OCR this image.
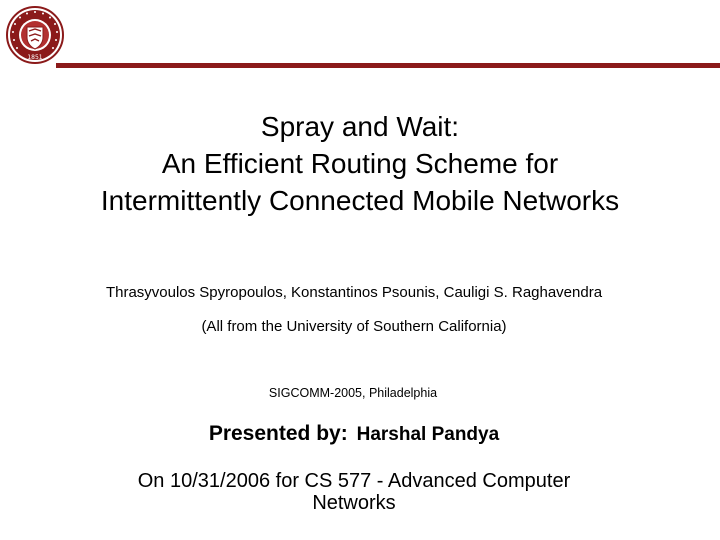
1851
Spray and Wait:
An Efficient Routing Scheme for
Intermittently Connected Mobile Networks
Thrasyvoulos Spyropoulos, Konstantinos Psounis, Cauligi S. Raghavendra
(All from the University of Southern California)
SIGCOMM-2005, Philadelphia
Presented by: Harshal Pandya
On 10/31/2006 for CS 577 - Advanced Computer
Networks
